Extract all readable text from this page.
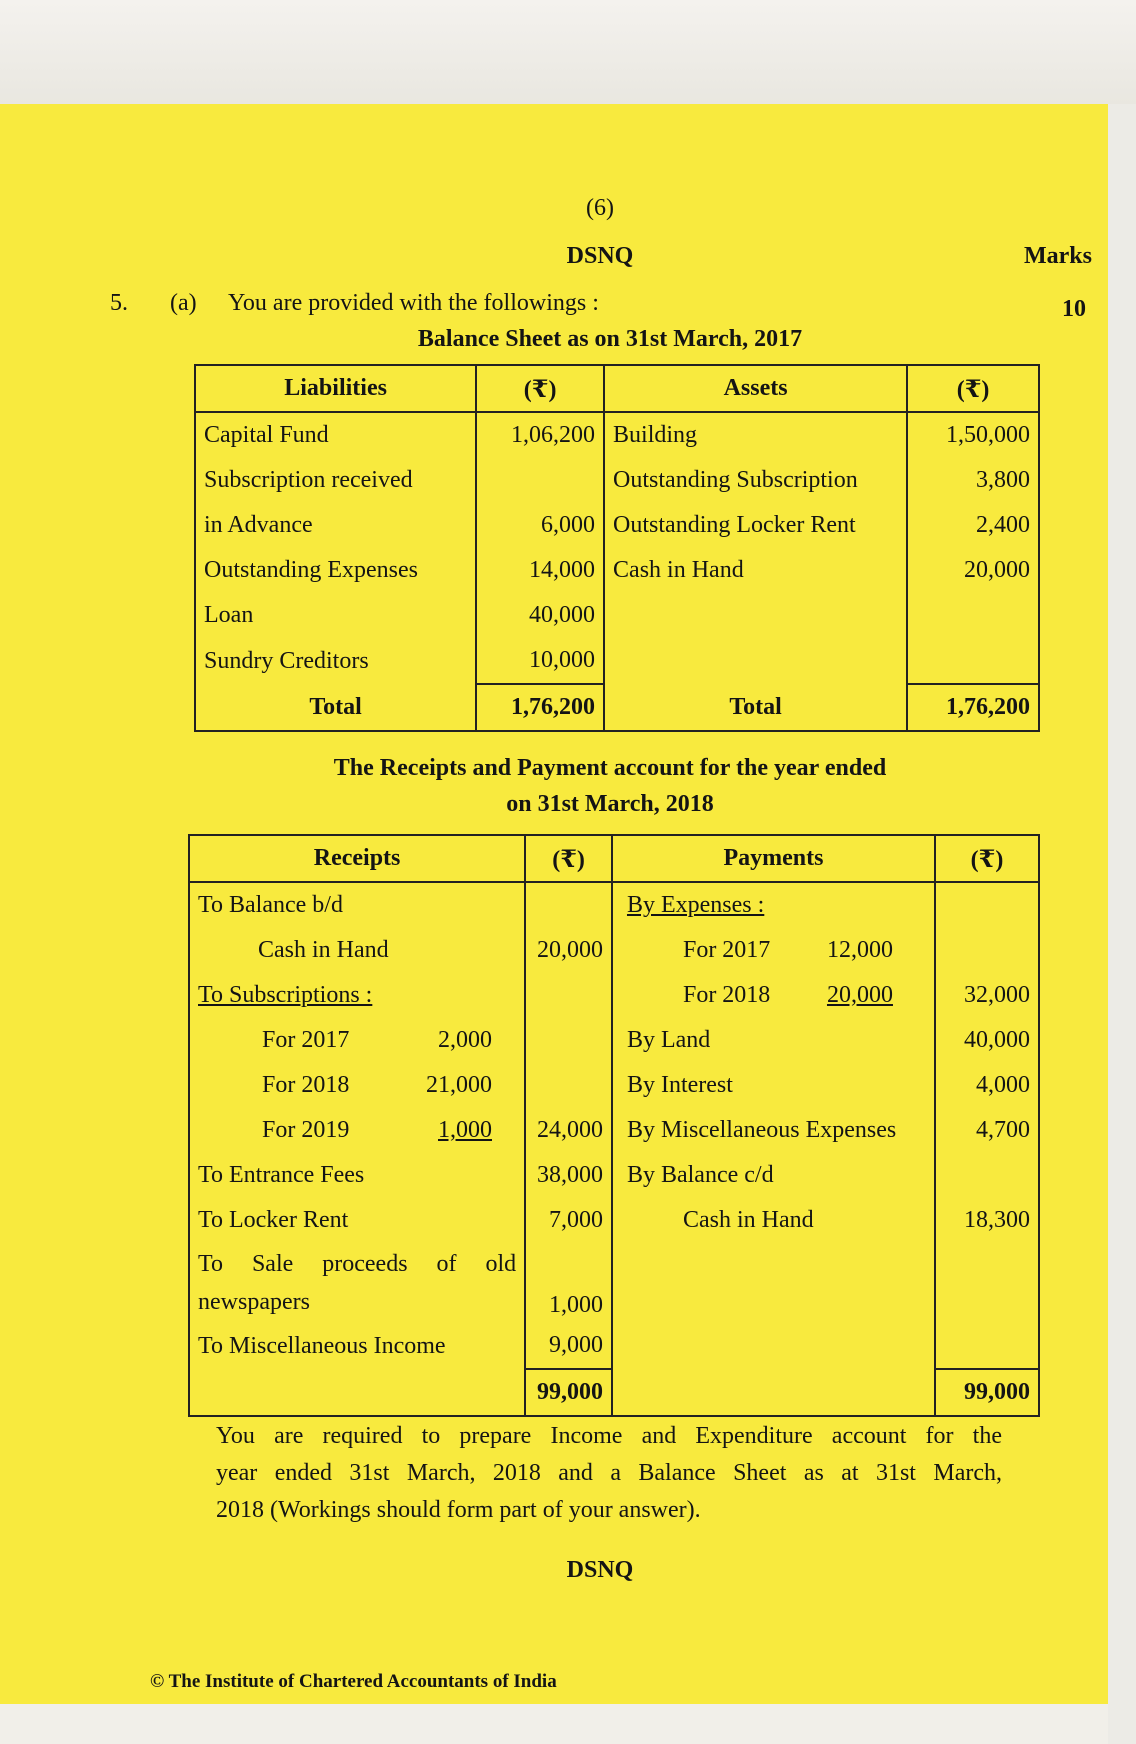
(6)
DSNQ	Marks
10
5. (a) You are provided with the followings :
Balance Sheet as on 31st March, 2017
Liabilities	(₹)	Assets	(₹)
Capital Fund	1,06,200	Building	1,50,000
Subscription received		Outstanding Subscription	3,800
in Advance	6,000	Outstanding Locker Rent	2,400
Outstanding Expenses	14,000	Cash in Hand	20,000
Loan	40,000		
Sundry Creditors	10,000		
Total	1,76,200	Total	1,76,200
The Receipts and Payment account for the year ended
on 31st March, 2018
Receipts	(₹)	Payments	(₹)
To Balance b/d		By Expenses :	
Cash in Hand	20,000	For 2017 12,000	
To Subscriptions :		For 2018 20,000	32,000
For 2017 2,000		By Land	40,000
For 2018 21,000		By Interest	4,000
For 2019 1,000	24,000	By Miscellaneous Expenses	4,700
To Entrance Fees	38,000	By Balance c/d	
To Locker Rent	7,000	Cash in Hand	18,300

To Sale proceeds of old
newspapers	1,000		
To Miscellaneous Income	9,000		
	99,000		99,000
You are required to prepare Income and Expenditure account for the
year ended 31st March, 2018 and a Balance Sheet as at 31st March,
2018 (Workings should form part of your answer).
DSNQ
© The Institute of Chartered Accountants of India
